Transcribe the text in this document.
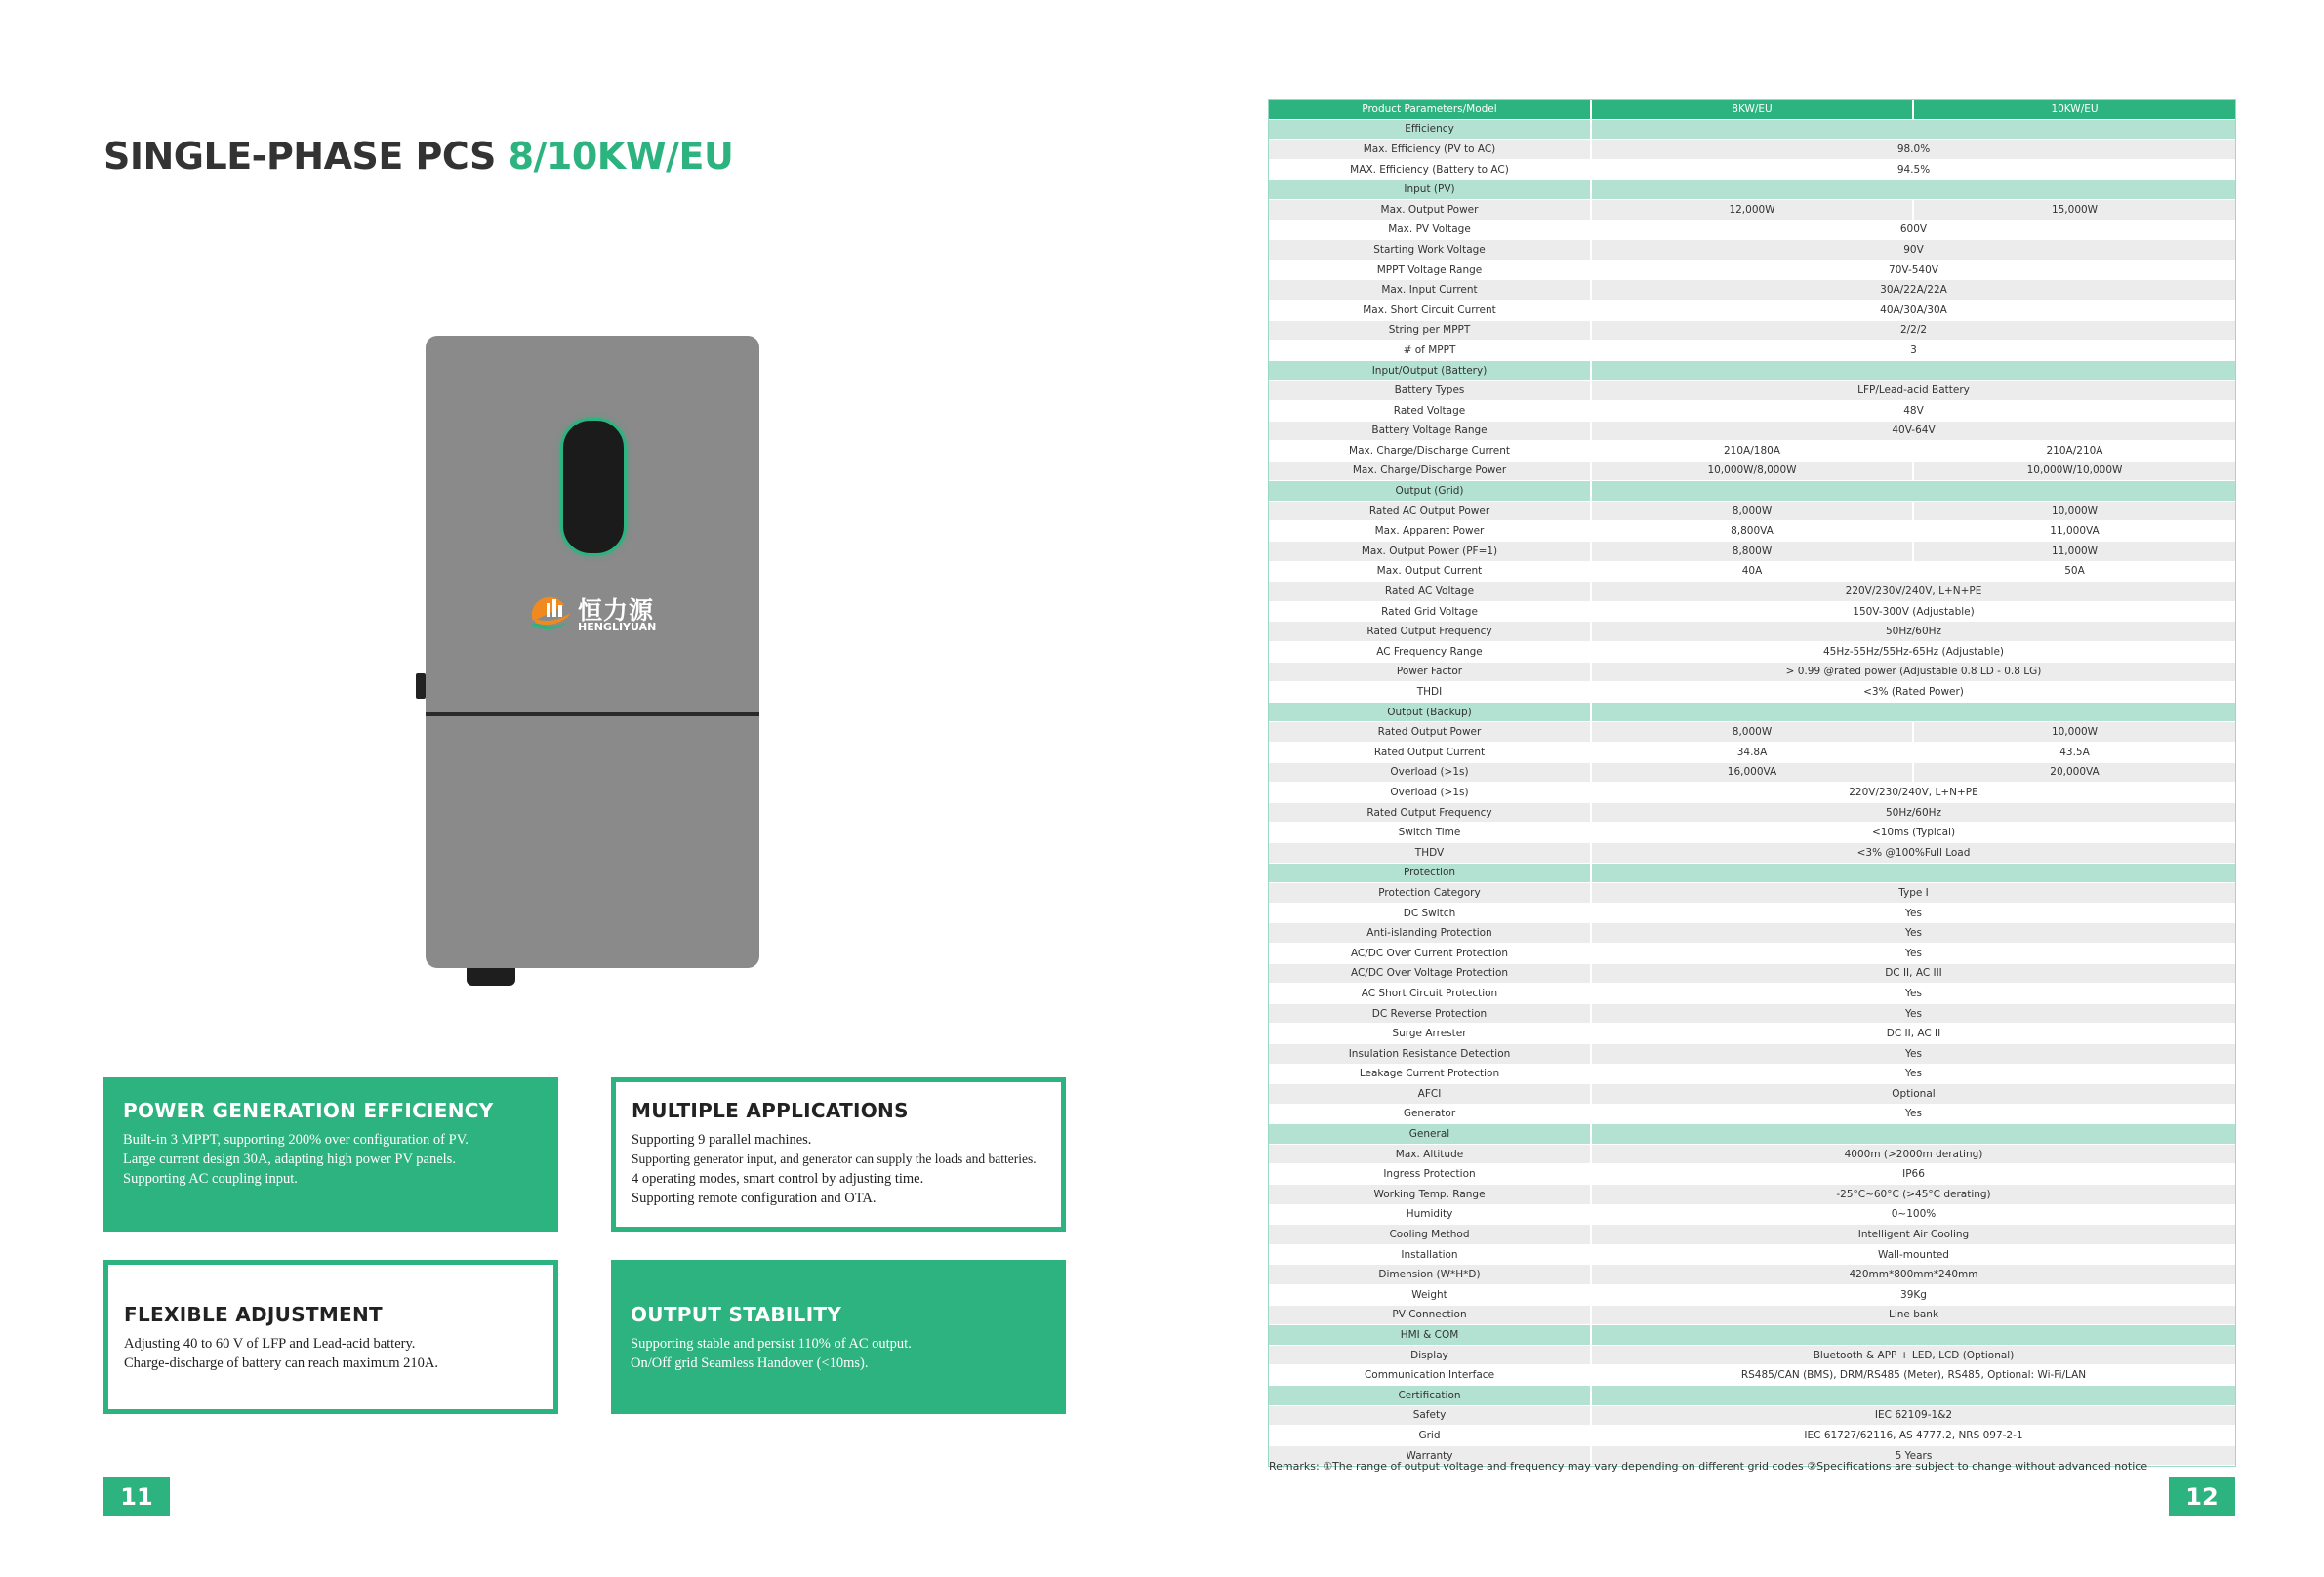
SINGLE-PHASE PCS 8/10KW/EU
恒力源
HENGLIYUAN
POWER GENERATION EFFICIENCY

Built-in 3 MPPT, supporting 200% over configuration of PV.
Large current design 30A, adapting high power PV panels.
Supporting AC coupling input.

MULTIPLE APPLICATIONS

Supporting 9 parallel machines.
Supporting generator input, and generator can supply the loads and batteries.
4 operating modes, smart control by adjusting time.
Supporting remote configuration and OTA.

FLEXIBLE ADJUSTMENT

Adjusting 40 to 60 V of LFP and Lead-acid battery.
Charge-discharge of battery can reach maximum 210A.

OUTPUT STABILITY

Supporting stable and persist 110% of AC output.
On/Off grid Seamless Handover (<10ms).

11
Product Parameters/Model	8KW/EU	10KW/EU
Efficiency		
Max. Efficiency (PV to AC)	98.0%	
MAX. Efficiency (Battery to AC)	94.5%	
Input (PV)		
Max. Output Power	12,000W	15,000W
Max. PV Voltage	600V	
Starting Work Voltage	90V	
MPPT Voltage Range	70V-540V	
Max. Input Current	30A/22A/22A	
Max. Short Circuit Current	40A/30A/30A	
String per MPPT	2/2/2	
# of MPPT	3	
Input/Output (Battery)		
Battery Types	LFP/Lead-acid Battery	
Rated Voltage	48V	
Battery Voltage Range	40V-64V	
Max. Charge/Discharge Current	210A/180A	210A/210A
Max. Charge/Discharge Power	10,000W/8,000W	10,000W/10,000W
Output (Grid)		
Rated AC Output Power	8,000W	10,000W
Max. Apparent Power	8,800VA	11,000VA
Max. Output Power (PF=1)	8,800W	11,000W
Max. Output Current	40A	50A
Rated AC Voltage	220V/230V/240V, L+N+PE	
Rated Grid Voltage	150V-300V (Adjustable)	
Rated Output Frequency	50Hz/60Hz	
AC Frequency Range	45Hz-55Hz/55Hz-65Hz (Adjustable)	
Power Factor	> 0.99 @rated power (Adjustable 0.8 LD - 0.8 LG)	
THDI	<3% (Rated Power)	
Output (Backup)		
Rated Output Power	8,000W	10,000W
Rated Output Current	34.8A	43.5A
Overload (>1s)	16,000VA	20,000VA
Overload (>1s)	220V/230/240V, L+N+PE	
Rated Output Frequency	50Hz/60Hz	
Switch Time	<10ms (Typical)	
THDV	<3% @100%Full Load	
Protection		
Protection Category	Type I	
DC Switch	Yes	
Anti-islanding Protection	Yes	
AC/DC Over Current Protection	Yes	
AC/DC Over Voltage Protection	DC II, AC III	
AC Short Circuit Protection	Yes	
DC Reverse Protection	Yes	
Surge Arrester	DC II, AC II	
Insulation Resistance Detection	Yes	
Leakage Current Protection	Yes	
AFCI	Optional	
Generator	Yes	
General		
Max. Altitude	4000m (>2000m derating)	
Ingress Protection	IP66	
Working Temp. Range	-25°C~60°C (>45°C derating)	
Humidity	0~100%	
Cooling Method	Intelligent Air Cooling	
Installation	Wall-mounted	
Dimension (W*H*D)	420mm*800mm*240mm	
Weight	39Kg	
PV Connection	Line bank	
HMI & COM		
Display	Bluetooth & APP + LED, LCD (Optional)	
Communication Interface	RS485/CAN (BMS), DRM/RS485 (Meter), RS485, Optional: Wi-Fi/LAN	
Certification		
Safety	IEC 62109-1&2	
Grid	IEC 61727/62116, AS 4777.2, NRS 097-2-1	
Warranty	5 Years	
Remarks: ①The range of output voltage and frequency may vary depending on different grid codes ②Specifications are subject to change without advanced notice
12
